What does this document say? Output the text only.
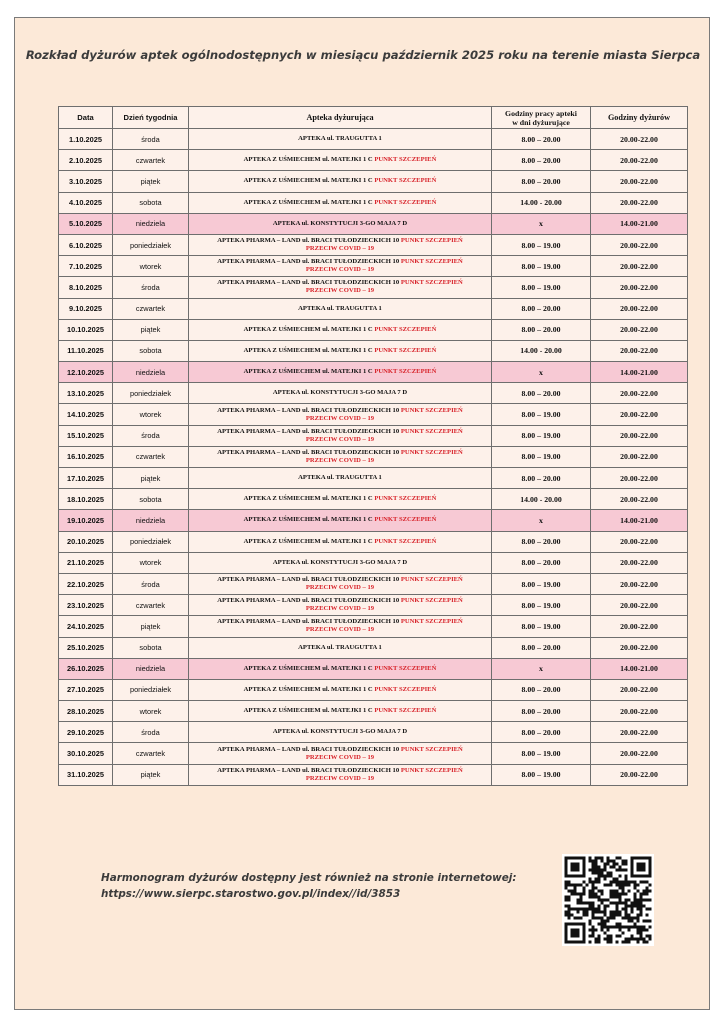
Rozkład dyżurów aptek ogólnodostępnych w miesiącu październik 2025 roku na terenie miasta Sierpca
Data	Dzień tygodnia	Apteka dyżurująca	Godziny pracy apteki
w dni dyżurujące	Godziny dyżurów
1.10.2025	środa	APTEKA ul. TRAUGUTTA 1	8.00 – 20.00	20.00-22.00
2.10.2025	czwartek	APTEKA Z UŚMIECHEM ul. MATEJKI 1 C PUNKT SZCZEPIEŃ	8.00 – 20.00	20.00-22.00
3.10.2025	piątek	APTEKA Z UŚMIECHEM ul. MATEJKI 1 C PUNKT SZCZEPIEŃ	8.00 – 20.00	20.00-22.00
4.10.2025	sobota	APTEKA Z UŚMIECHEM ul. MATEJKI 1 C PUNKT SZCZEPIEŃ	14.00 - 20.00	20.00-22.00
5.10.2025	niedziela	APTEKA ul. KONSTYTUCJI 3-GO MAJA 7 D	x	14.00-21.00
6.10.2025	poniedziałek	APTEKA PHARMA – LAND ul. BRACI TUŁODZIECKICH 10 PUNKT SZCZEPIEŃ
PRZECIW COVID – 19	8.00 – 19.00	20.00-22.00
7.10.2025	wtorek	APTEKA PHARMA – LAND ul. BRACI TUŁODZIECKICH 10 PUNKT SZCZEPIEŃ
PRZECIW COVID – 19	8.00 – 19.00	20.00-22.00
8.10.2025	środa	APTEKA PHARMA – LAND ul. BRACI TUŁODZIECKICH 10 PUNKT SZCZEPIEŃ
PRZECIW COVID – 19	8.00 – 19.00	20.00-22.00
9.10.2025	czwartek	APTEKA ul. TRAUGUTTA 1	8.00 – 20.00	20.00-22.00
10.10.2025	piątek	APTEKA Z UŚMIECHEM ul. MATEJKI 1 C PUNKT SZCZEPIEŃ	8.00 – 20.00	20.00-22.00
11.10.2025	sobota	APTEKA Z UŚMIECHEM ul. MATEJKI 1 C PUNKT SZCZEPIEŃ	14.00 - 20.00	20.00-22.00
12.10.2025	niedziela	APTEKA Z UŚMIECHEM ul. MATEJKI 1 C PUNKT SZCZEPIEŃ	x	14.00-21.00
13.10.2025	poniedziałek	APTEKA ul. KONSTYTUCJI 3-GO MAJA 7 D	8.00 – 20.00	20.00-22.00
14.10.2025	wtorek	APTEKA PHARMA – LAND ul. BRACI TUŁODZIECKICH 10 PUNKT SZCZEPIEŃ
PRZECIW COVID – 19	8.00 – 19.00	20.00-22.00
15.10.2025	środa	APTEKA PHARMA – LAND ul. BRACI TUŁODZIECKICH 10 PUNKT SZCZEPIEŃ
PRZECIW COVID – 19	8.00 – 19.00	20.00-22.00
16.10.2025	czwartek	APTEKA PHARMA – LAND ul. BRACI TUŁODZIECKICH 10 PUNKT SZCZEPIEŃ
PRZECIW COVID – 19	8.00 – 19.00	20.00-22.00
17.10.2025	piątek	APTEKA ul. TRAUGUTTA 1	8.00 – 20.00	20.00-22.00
18.10.2025	sobota	APTEKA Z UŚMIECHEM ul. MATEJKI 1 C PUNKT SZCZEPIEŃ	14.00 - 20.00	20.00-22.00
19.10.2025	niedziela	APTEKA Z UŚMIECHEM ul. MATEJKI 1 C PUNKT SZCZEPIEŃ	x	14.00-21.00
20.10.2025	poniedziałek	APTEKA Z UŚMIECHEM ul. MATEJKI 1 C PUNKT SZCZEPIEŃ	8.00 – 20.00	20.00-22.00
21.10.2025	wtorek	APTEKA ul. KONSTYTUCJI 3-GO MAJA 7 D	8.00 – 20.00	20.00-22.00
22.10.2025	środa	APTEKA PHARMA – LAND ul. BRACI TUŁODZIECKICH 10 PUNKT SZCZEPIEŃ
PRZECIW COVID – 19	8.00 – 19.00	20.00-22.00
23.10.2025	czwartek	APTEKA PHARMA – LAND ul. BRACI TUŁODZIECKICH 10 PUNKT SZCZEPIEŃ
PRZECIW COVID – 19	8.00 – 19.00	20.00-22.00
24.10.2025	piątek	APTEKA PHARMA – LAND ul. BRACI TUŁODZIECKICH 10 PUNKT SZCZEPIEŃ
PRZECIW COVID – 19	8.00 – 19.00	20.00-22.00
25.10.2025	sobota	APTEKA ul. TRAUGUTTA 1	8.00 – 20.00	20.00-22.00
26.10.2025	niedziela	APTEKA Z UŚMIECHEM ul. MATEJKI 1 C PUNKT SZCZEPIEŃ	x	14.00-21.00
27.10.2025	poniedziałek	APTEKA Z UŚMIECHEM ul. MATEJKI 1 C PUNKT SZCZEPIEŃ	8.00 – 20.00	20.00-22.00
28.10.2025	wtorek	APTEKA Z UŚMIECHEM ul. MATEJKI 1 C PUNKT SZCZEPIEŃ	8.00 – 20.00	20.00-22.00
29.10.2025	środa	APTEKA ul. KONSTYTUCJI 3-GO MAJA 7 D	8.00 – 20.00	20.00-22.00
30.10.2025	czwartek	APTEKA PHARMA – LAND ul. BRACI TUŁODZIECKICH 10 PUNKT SZCZEPIEŃ
PRZECIW COVID – 19	8.00 – 19.00	20.00-22.00
31.10.2025	piątek	APTEKA PHARMA – LAND ul. BRACI TUŁODZIECKICH 10 PUNKT SZCZEPIEŃ
PRZECIW COVID – 19	8.00 – 19.00	20.00-22.00
Harmonogram dyżurów dostępny jest również na stronie internetowej:
https://www.sierpc.starostwo.gov.pl/index//id/3853
